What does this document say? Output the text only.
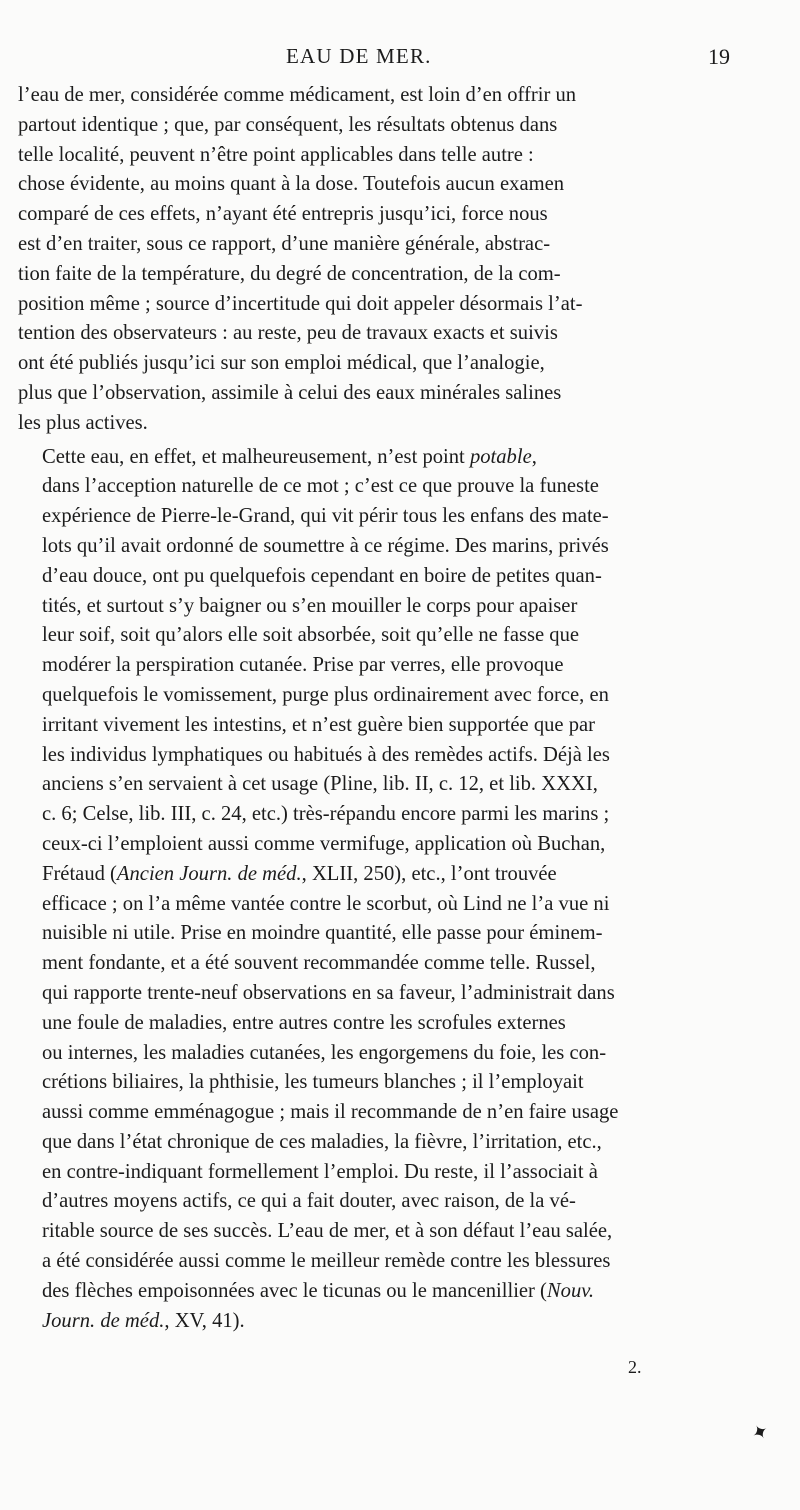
EAU DE MER.	19

l’eau de mer, considérée comme médicament, est loin d’en offrir un
partout identique ; que, par conséquent, les résultats obtenus dans
telle localité, peuvent n’être point applicables dans telle autre :
chose évidente, au moins quant à la dose. Toutefois aucun examen
comparé de ces effets, n’ayant été entrepris jusqu’ici, force nous
est d’en traiter, sous ce rapport, d’une manière générale, abstrac-
tion faite de la température, du degré de concentration, de la com-
position même ; source d’incertitude qui doit appeler désormais l’at-
tention des observateurs : au reste, peu de travaux exacts et suivis
ont été publiés jusqu’ici sur son emploi médical, que l’analogie,
plus que l’observation, assimile à celui des eaux minérales salines
les plus actives.

Cette eau, en effet, et malheureusement, n’est point potable,
dans l’acception naturelle de ce mot ; c’est ce que prouve la funeste
expérience de Pierre-le-Grand, qui vit périr tous les enfans des mate-
lots qu’il avait ordonné de soumettre à ce régime. Des marins, privés
d’eau douce, ont pu quelquefois cependant en boire de petites quan-
tités, et surtout s’y baigner ou s’en mouiller le corps pour apaiser
leur soif, soit qu’alors elle soit absorbée, soit qu’elle ne fasse que
modérer la perspiration cutanée. Prise par verres, elle provoque
quelquefois le vomissement, purge plus ordinairement avec force, en
irritant vivement les intestins, et n’est guère bien supportée que par
les individus lymphatiques ou habitués à des remèdes actifs. Déjà les
anciens s’en servaient à cet usage (Pline, lib. II, c. 12, et lib. XXXI,
c. 6; Celse, lib. III, c. 24, etc.) très-répandu encore parmi les marins ;
ceux-ci l’emploient aussi comme vermifuge, application où Buchan,
Frétaud (Ancien Journ. de méd., XLII, 250), etc., l’ont trouvée
efficace ; on l’a même vantée contre le scorbut, où Lind ne l’a vue ni
nuisible ni utile. Prise en moindre quantité, elle passe pour éminem-
ment fondante, et a été souvent recommandée comme telle. Russel,
qui rapporte trente-neuf observations en sa faveur, l’administrait dans
une foule de maladies, entre autres contre les scrofules externes
ou internes, les maladies cutanées, les engorgemens du foie, les con-
crétions biliaires, la phthisie, les tumeurs blanches ; il l’employait
aussi comme emménagogue ; mais il recommande de n’en faire usage
que dans l’état chronique de ces maladies, la fièvre, l’irritation, etc.,
en contre-indiquant formellement l’emploi. Du reste, il l’associait à
d’autres moyens actifs, ce qui a fait douter, avec raison, de la vé-
ritable source de ses succès. L’eau de mer, et à son défaut l’eau salée,
a été considérée aussi comme le meilleur remède contre les blessures
des flèches empoisonnées avec le ticunas ou le mancenillier (Nouv.
Journ. de méd., XV, 41).

2.
✦
